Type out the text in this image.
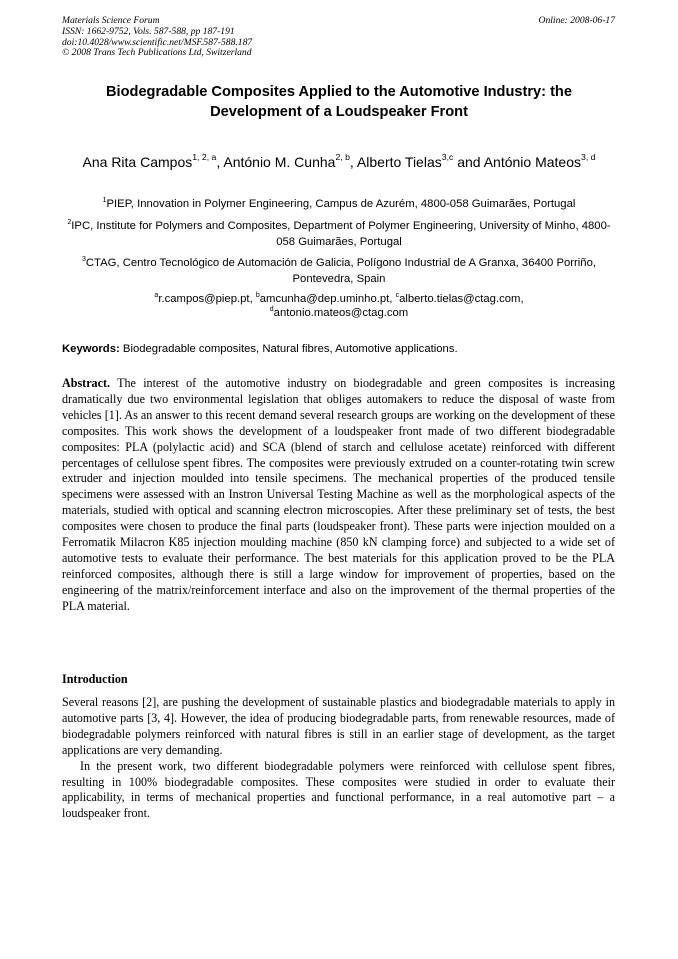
Materials Science Forum
ISSN: 1662-9752, Vols. 587-588, pp 187-191
doi:10.4028/www.scientific.net/MSF.587-588.187
© 2008 Trans Tech Publications Ltd, Switzerland
Online: 2008-06-17
Biodegradable Composites Applied to the Automotive Industry: the Development of a Loudspeaker Front
Ana Rita Campos$^{1, 2, a}$, António M. Cunha$^{2, b}$, Alberto Tielas$^{3,c}$ and António Mateos$^{3, d}$
$^1$PIEP, Innovation in Polymer Engineering, Campus de Azurém, 4800-058 Guimarães, Portugal
$^2$IPC, Institute for Polymers and Composites, Department of Polymer Engineering, University of Minho, 4800-058 Guimarães, Portugal
$^3$CTAG, Centro Tecnológico de Automación de Galicia, Polígono Industrial de A Granxa, 36400 Porriño, Pontevedra, Spain
$^a$r.campos@piep.pt, $^b$amcunha@dep.uminho.pt, $^c$alberto.tielas@ctag.com,
$^d$antonio.mateos@ctag.com
Keywords: Biodegradable composites, Natural fibres, Automotive applications.
Abstract. The interest of the automotive industry on biodegradable and green composites is increasing dramatically due two environmental legislation that obliges automakers to reduce the disposal of waste from vehicles [1]. As an answer to this recent demand several research groups are working on the development of these composites. This work shows the development of a loudspeaker front made of two different biodegradable composites: PLA (polylactic acid) and SCA (blend of starch and cellulose acetate) reinforced with different percentages of cellulose spent fibres. The composites were previously extruded on a counter-rotating twin screw extruder and injection moulded into tensile specimens. The mechanical properties of the produced tensile specimens were assessed with an Instron Universal Testing Machine as well as the morphological aspects of the materials, studied with optical and scanning electron microscopies. After these preliminary set of tests, the best composites were chosen to produce the final parts (loudspeaker front). These parts were injection moulded on a Ferromatik Milacron K85 injection moulding machine (850 kN clamping force) and subjected to a wide set of automotive tests to evaluate their performance. The best materials for this application proved to be the PLA reinforced composites, although there is still a large window for improvement of properties, based on the engineering of the matrix/reinforcement interface and also on the improvement of the thermal properties of the PLA material.
Introduction
Several reasons [2], are pushing the development of sustainable plastics and biodegradable materials to apply in automotive parts [3, 4]. However, the idea of producing biodegradable parts, from renewable resources, made of biodegradable polymers reinforced with natural fibres is still in an earlier stage of development, as the target applications are very demanding.
In the present work, two different biodegradable polymers were reinforced with cellulose spent fibres, resulting in 100% biodegradable composites. These composites were studied in order to evaluate their applicability, in terms of mechanical properties and functional performance, in a real automotive part – a loudspeaker front.
